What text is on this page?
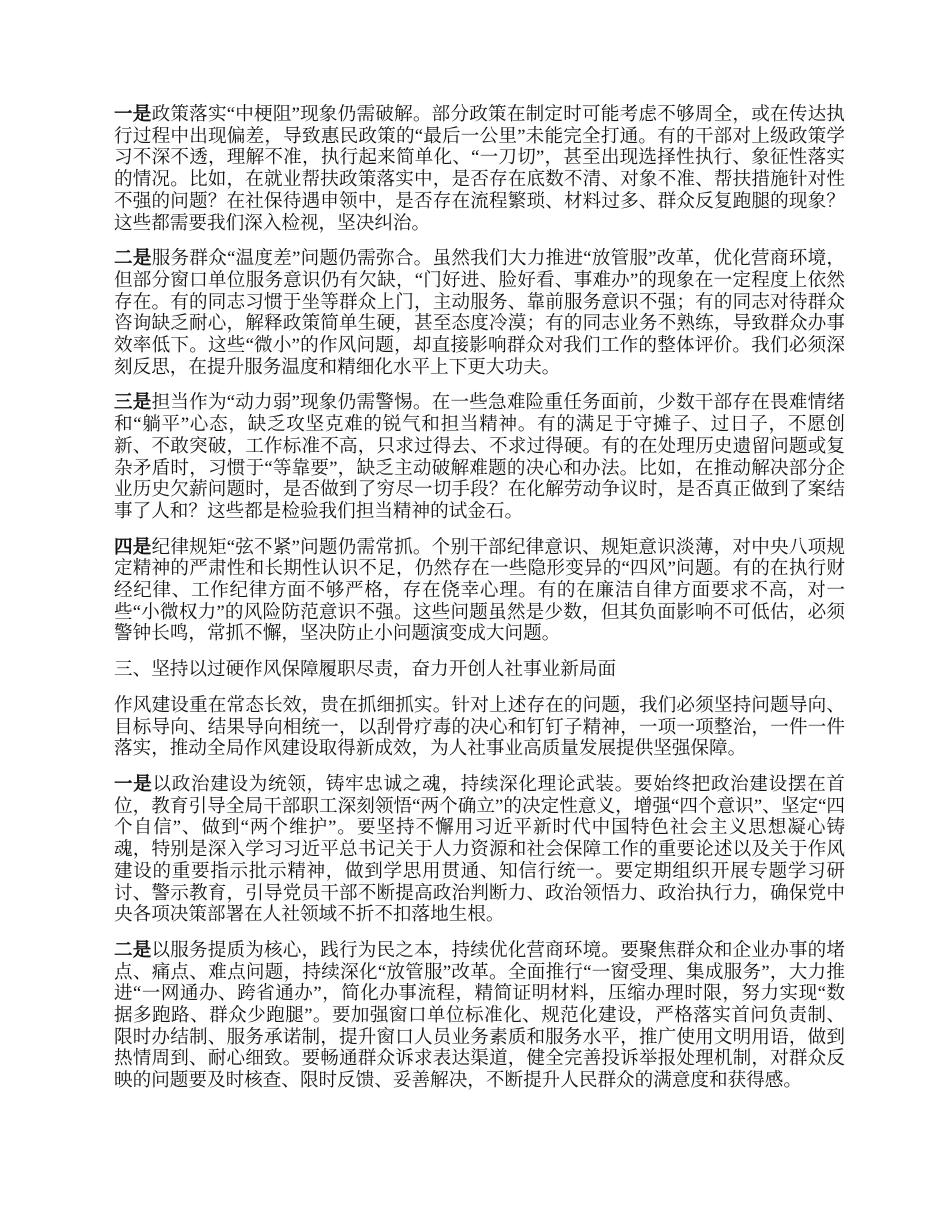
一是政策落实“中梗阻”现象仍需破解。部分政策在制定时可能考虑不够周全，或在传达执行过程中出现偏差，导致惠民政策的“最后一公里”未能完全打通。有的干部对上级政策学习不深不透，理解不准，执行起来简单化、“一刀切”，甚至出现选择性执行、象征性落实的情况。比如，在就业帮扶政策落实中，是否存在底数不清、对象不准、帮扶措施针对性不强的问题？在社保待遇申领中，是否存在流程繁琐、材料过多、群众反复跑腿的现象？这些都需要我们深入检视，坚决纠治。

二是服务群众“温度差”问题仍需弥合。虽然我们大力推进“放管服”改革，优化营商环境，但部分窗口单位服务意识仍有欠缺，“门好进、脸好看、事难办”的现象在一定程度上依然存在。有的同志习惯于坐等群众上门，主动服务、靠前服务意识不强；有的同志对待群众咨询缺乏耐心，解释政策简单生硬，甚至态度冷漠；有的同志业务不熟练，导致群众办事效率低下。这些“微小”的作风问题，却直接影响群众对我们工作的整体评价。我们必须深刻反思，在提升服务温度和精细化水平上下更大功夫。

三是担当作为“动力弱”现象仍需警惕。在一些急难险重任务面前，少数干部存在畏难情绪和“躺平”心态，缺乏攻坚克难的锐气和担当精神。有的满足于守摊子、过日子，不愿创新、不敢突破，工作标准不高，只求过得去、不求过得硬。有的在处理历史遗留问题或复杂矛盾时，习惯于“等靠要”，缺乏主动破解难题的决心和办法。比如，在推动解决部分企业历史欠薪问题时，是否做到了穷尽一切手段？在化解劳动争议时，是否真正做到了案结事了人和？这些都是检验我们担当精神的试金石。

四是纪律规矩“弦不紧”问题仍需常抓。个别干部纪律意识、规矩意识淡薄，对中央八项规定精神的严肃性和长期性认识不足，仍然存在一些隐形变异的“四风”问题。有的在执行财经纪律、工作纪律方面不够严格，存在侥幸心理。有的在廉洁自律方面要求不高，对一些“小微权力”的风险防范意识不强。这些问题虽然是少数，但其负面影响不可低估，必须警钟长鸣，常抓不懈，坚决防止小问题演变成大问题。

三、坚持以过硬作风保障履职尽责，奋力开创人社事业新局面

作风建设重在常态长效，贵在抓细抓实。针对上述存在的问题，我们必须坚持问题导向、目标导向、结果导向相统一，以刮骨疗毒的决心和钉钉子精神，一项一项整治，一件一件落实，推动全局作风建设取得新成效，为人社事业高质量发展提供坚强保障。

一是以政治建设为统领，铸牢忠诚之魂，持续深化理论武装。要始终把政治建设摆在首位，教育引导全局干部职工深刻领悟“两个确立”的决定性意义，增强“四个意识”、坚定“四个自信”、做到“两个维护”。要坚持不懈用习近平新时代中国特色社会主义思想凝心铸魂，特别是深入学习习近平总书记关于人力资源和社会保障工作的重要论述以及关于作风建设的重要指示批示精神，做到学思用贯通、知信行统一。要定期组织开展专题学习研讨、警示教育，引导党员干部不断提高政治判断力、政治领悟力、政治执行力，确保党中央各项决策部署在人社领域不折不扣落地生根。

二是以服务提质为核心，践行为民之本，持续优化营商环境。要聚焦群众和企业办事的堵点、痛点、难点问题，持续深化“放管服”改革。全面推行“一窗受理、集成服务”，大力推进“一网通办、跨省通办”，简化办事流程，精简证明材料，压缩办理时限，努力实现“数据多跑路、群众少跑腿”。要加强窗口单位标准化、规范化建设，严格落实首问负责制、限时办结制、服务承诺制，提升窗口人员业务素质和服务水平，推广使用文明用语，做到热情周到、耐心细致。要畅通群众诉求表达渠道，健全完善投诉举报处理机制，对群众反映的问题要及时核查、限时反馈、妥善解决，不断提升人民群众的满意度和获得感。
